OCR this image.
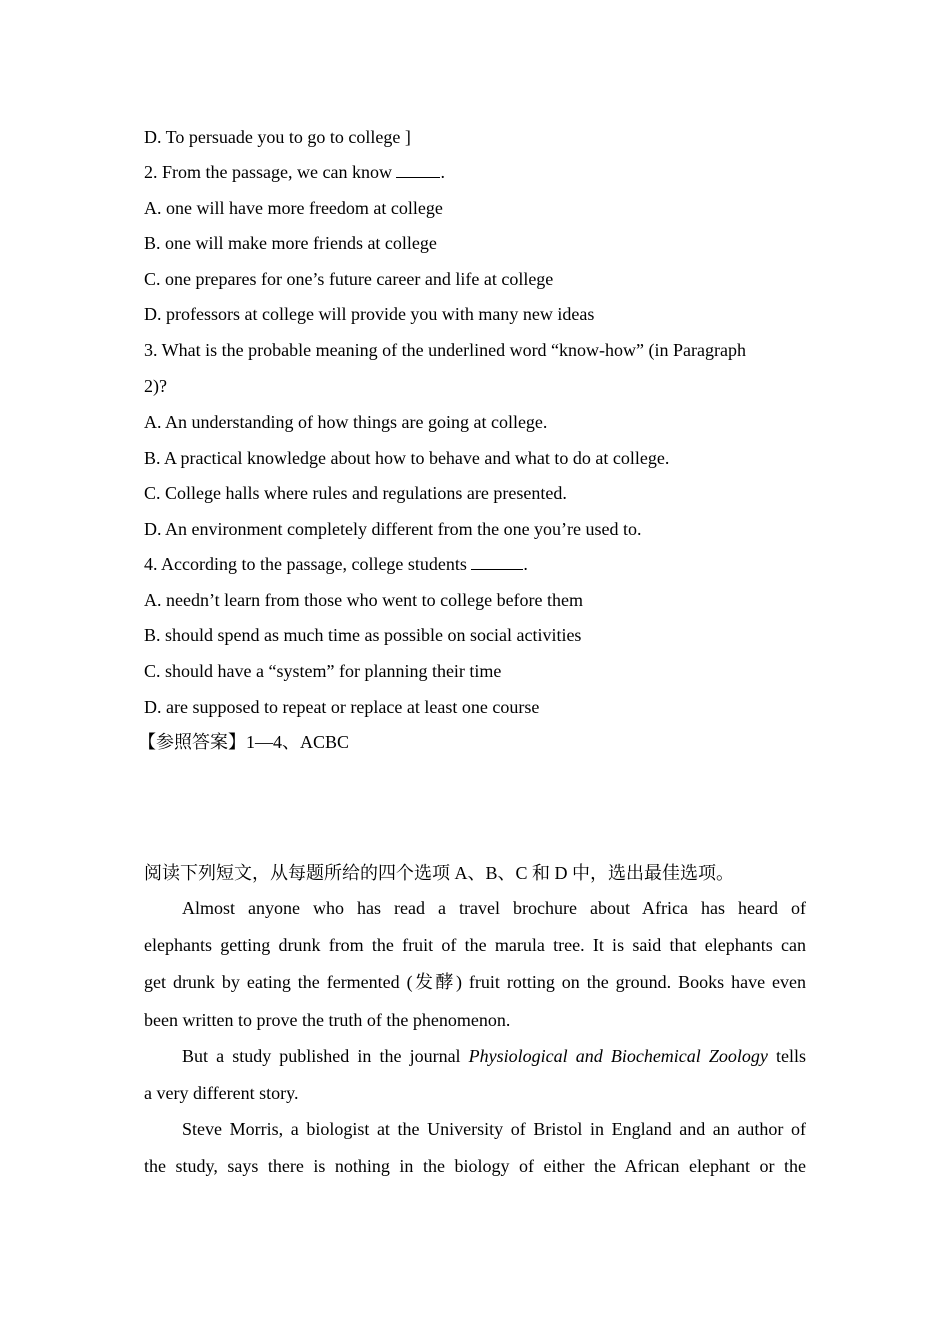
D. To persuade you to go to college ]
2. From the passage, we can know .
A. one will have more freedom at college
B. one will make more friends at college
C. one prepares for one’s future career and life at college
D. professors at college will provide you with many new ideas
3. What is the probable meaning of the underlined word “know-how” (in Paragraph
2)?
A. An understanding of how things are going at college.
B. A practical knowledge about how to behave and what to do at college.
C. College halls where rules and regulations are presented.
D. An environment completely different from the one you’re used to.
4. According to the passage, college students	.
A. needn’t learn from those who went to college before them
B. should spend as much time as possible on social activities
C. should have a “system” for planning their time
D. are supposed to repeat or replace at least one course
【参照答案】1—4、ACBC
阅读下列短文，从每题所给的四个选项 A、B、C 和 D 中，选出最佳选项。
Almost anyone who has read a travel brochure about Africa has heard of
elephants getting drunk from the fruit of the marula tree. It is said that elephants can
get drunk by eating the fermented (发酵) fruit rotting on the ground. Books have even
been written to prove the truth of the phenomenon.
But a study published in the journal Physiological and Biochemical Zoology tells
a very different story.
Steve Morris, a biologist at the University of Bristol in England and an author of
the study, says there is nothing in the biology of either the African elephant or the
